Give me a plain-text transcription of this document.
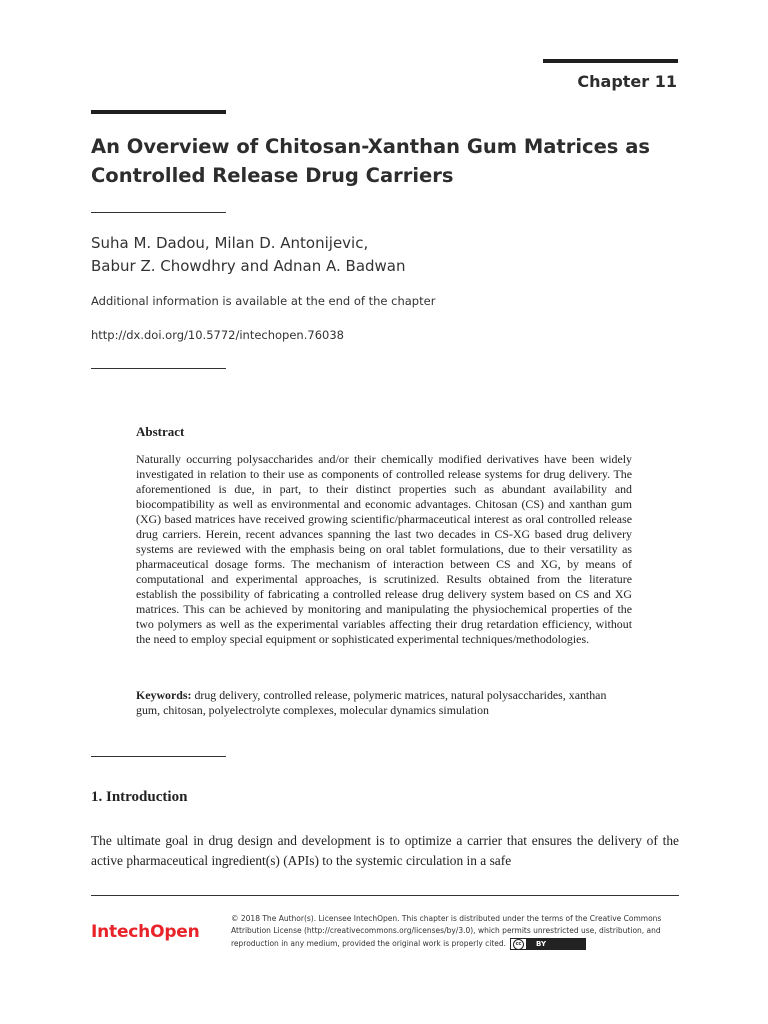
Chapter 11
An Overview of Chitosan-Xanthan Gum Matrices as
Controlled Release Drug Carriers
Suha M. Dadou, Milan D. Antonijevic,
Babur Z. Chowdhry and Adnan A. Badwan
Additional information is available at the end of the chapter
http://dx.doi.org/10.5772/intechopen.76038
Abstract

Naturally occurring polysaccharides and/or their chemically modified derivatives have been widely investigated in relation to their use as components of controlled release systems for drug delivery. The aforementioned is due, in part, to their distinct properties such as abundant availability and biocompatibility as well as environmental and economic advantages. Chitosan (CS) and xanthan gum (XG) based matrices have received growing scientific/pharmaceutical interest as oral controlled release drug carriers. Herein, recent advances spanning the last two decades in CS-XG based drug delivery systems are reviewed with the emphasis being on oral tablet formulations, due to their versatility as pharmaceutical dosage forms. The mechanism of interaction between CS and XG, by means of computational and experimental approaches, is scrutinized. Results obtained from the literature establish the possibility of fabricating a controlled release drug delivery system based on CS and XG matrices. This can be achieved by monitoring and manipulating the physiochemical properties of the two polymers as well as the experimental variables affecting their drug retardation efficiency, without the need to employ special equipment or sophisticated experimental techniques/methodologies.

Keywords: drug delivery, controlled release, polymeric matrices, natural polysaccharides, xanthan gum, chitosan, polyelectrolyte complexes, molecular dynamics simulation

1. Introduction

The ultimate goal in drug design and development is to optimize a carrier that ensures the delivery of the active pharmaceutical ingredient(s) (APIs) to the systemic circulation in a safe

IntechOpen

© 2018 The Author(s). Licensee IntechOpen. This chapter is distributed under the terms of the Creative Commons Attribution License (http://creativecommons.org/licenses/by/3.0), which permits unrestricted use, distribution, and reproduction in any medium, provided the original work is properly cited.	cc	BY
